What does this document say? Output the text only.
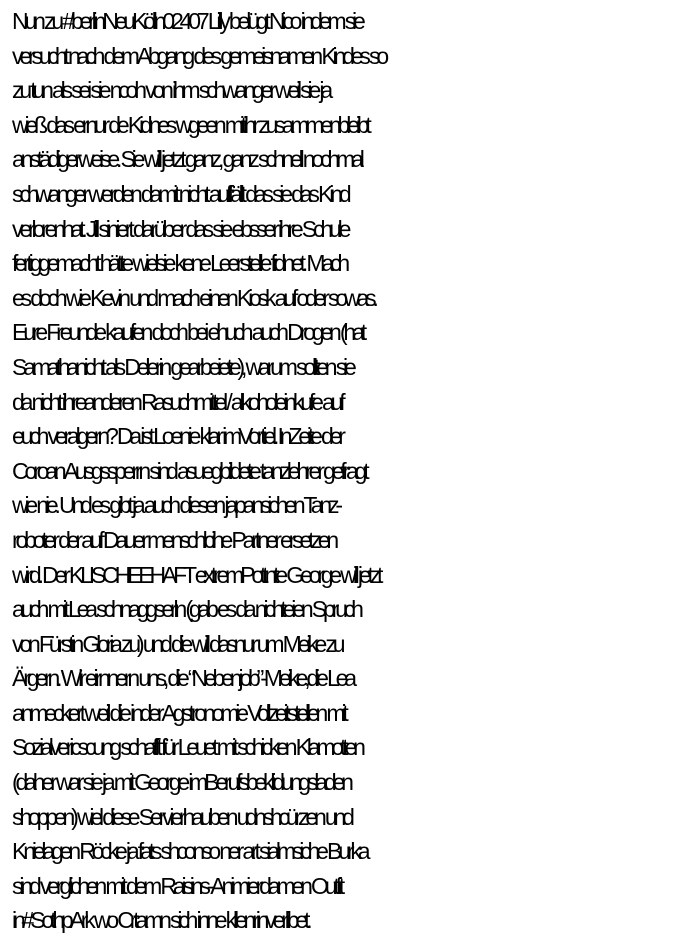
Nun zu #berlinNeuKölln02407 Lilly belügt Nico indem sie
versucht nach dem Abgang des gemeisnamen Kindes so
zu tun als sei sie ncoh von ihm schwanger weil sie ja
wieß das ernur de Kidnes wgeen mitihr zusammenbleibt
anstädigerweise. Sie will jetzt ganz, ganz schnell nochmal
schwanger werden damit nicht auffällt das sie das Kind
verlorenhat. Jill siniert darüber das sie ebsser ihre Schule
fertiggemacht hätte wielsie kene Leerstelle fidnet. Mach
es doch wie Kevin und mach einen Kiosk auf oder sowas.
Eure Freunde kaufen doch bei ehuch auch Drogen (hat
Samathanicht als Delerin gearbeiete), warum sollten sie
da nicht ihreanderen Rasuchmittel / alkoholeinkufe auf
euch veralgern? Da ist Loenie klar imVortiel. InZeite der
Coroan Ausgssperrn sind asuegbildete tanzlehrer gefragt
wie nie. Und es gibt ja auch diesen japansichen Tanz-
roboter der auf Dauer menschlcihe Partner ersetzen
wird. Der KLISCHEEHAFT extremPottnte George will jetzt
auch mit Lea schnaggserln (gab es da nichteien Spruch
von Fürstin Gloria zu) und die will dasnur um Meike zu
Ärgern. Wir eirnnern uns, die “Nebenjob”-Meike,die Lea
anmeckert weil die inder Agstronomie Vollzeitstellen mit
Sozialvericscung schafft für Leuet mit schicken Klamotten
(daher war sie ja mit George imBerufsbeklidungsladen
shoppen) wiel diese Servierhauben udnshcürzen und
Knielagen Röcke ja fats shconso ner art sialmsiche Burka
sind verglichen mit dem Raisins-Animierdamen Outfit
in#SothpArk wo Crtamn sich inne kllenrinverlibet.
